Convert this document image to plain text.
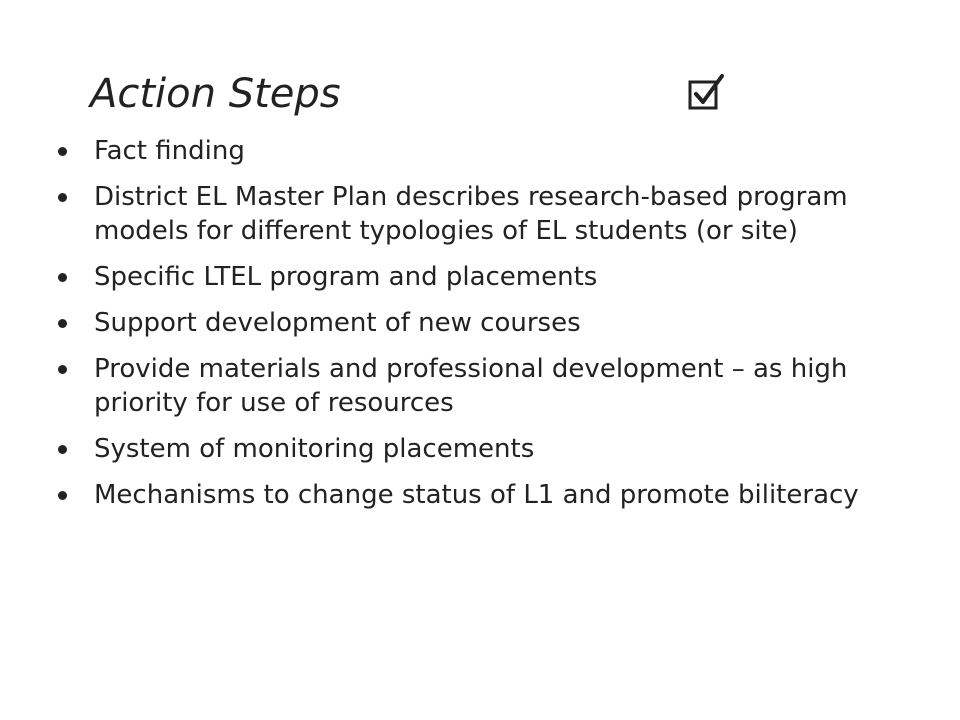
Action Steps
Fact finding
District EL Master Plan describes research-based program models for different typologies of EL students (or site)
Specific LTEL program and placements
Support development of new courses
Provide materials and professional development – as high priority for use of resources
System of monitoring placements
Mechanisms to change status of L1 and promote biliteracy
